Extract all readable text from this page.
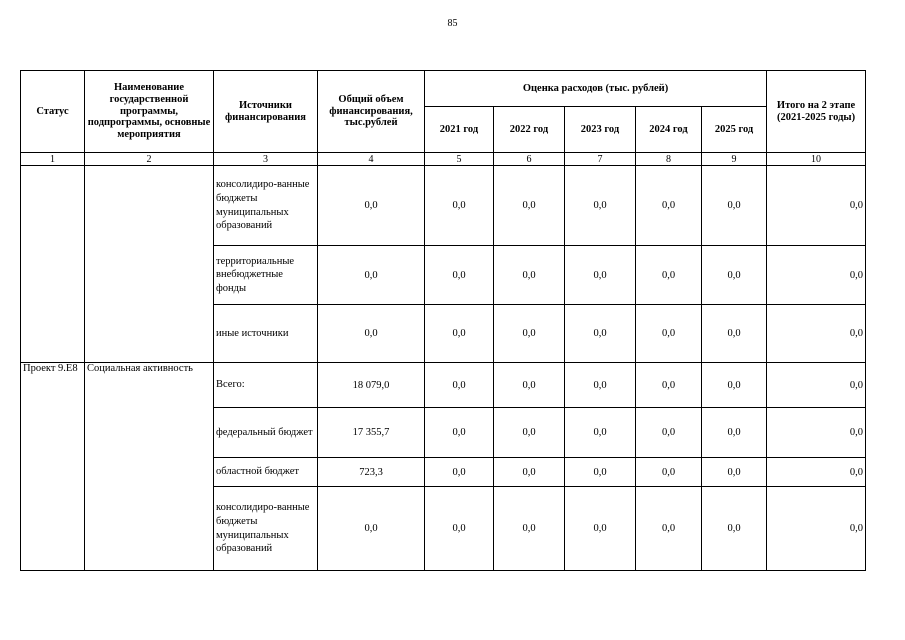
85
Статус	Наименование государственной программы, подпрограммы, основные мероприятия	Источники финансирования	Общий объем финансирования, тыс.рублей	Оценка расходов (тыс. рублей)					Итого на 2 этапе (2021-2025 годы)
				2021 год	2022 год	2023 год	2024 год	2025 год	
1	2	3	4	5	6	7	8	9	10
		консолидиро-ванные бюджеты муниципальных образований	0,0	0,0	0,0	0,0	0,0	0,0	0,0
		территориальные внебюджетные фонды	0,0	0,0	0,0	0,0	0,0	0,0	0,0
		иные источники	0,0	0,0	0,0	0,0	0,0	0,0	0,0
Проект 9.Е8	Социальная активность	Всего:	18 079,0	0,0	0,0	0,0	0,0	0,0	0,0
		федеральный бюджет	17 355,7	0,0	0,0	0,0	0,0	0,0	0,0
		областной бюджет	723,3	0,0	0,0	0,0	0,0	0,0	0,0
		консолидиро-ванные бюджеты муниципальных образований	0,0	0,0	0,0	0,0	0,0	0,0	0,0
